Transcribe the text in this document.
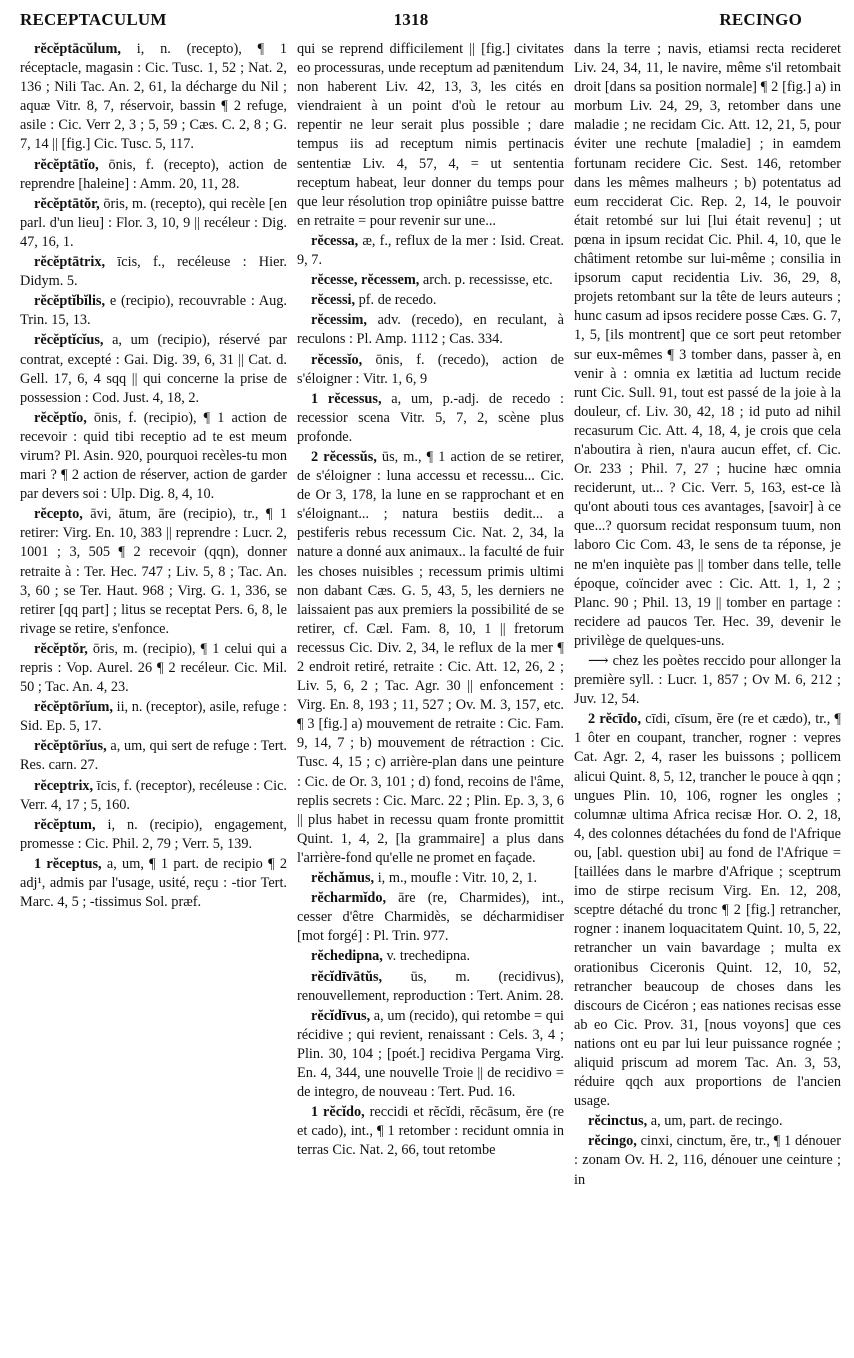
RECEPTACULUM	1318	RECINGO

rĕcĕptācŭlum, i, n. (recepto), ¶ 1 réceptacle, magasin : Cic. Tusc. 1, 52 ; Nat. 2, 136 ; Nili Tac. An. 2, 61, la décharge du Nil ; aquæ Vitr. 8, 7, réservoir, bassin ¶ 2 refuge, asile : Cic. Verr 2, 3 ; 5, 59 ; Cæs. C. 2, 8 ; G. 7, 14 || [fig.] Cic. Tusc. 5, 117.

rĕcĕptātĭo, ōnis, f. (recepto), action de reprendre [haleine] : Amm. 20, 11, 28.

rĕcĕptātŏr, ōris, m. (recepto), qui recèle [en parl. d'un lieu] : Flor. 3, 10, 9 || recéleur : Dig. 47, 16, 1.

rĕcĕptātrix, īcis, f., recéleuse : Hier. Didym. 5.

rĕcĕptĭbĭlis, e (recipio), recouvrable : Aug. Trin. 15, 13.

rĕcĕptĭcĭus, a, um (recipio), réservé par contrat, excepté : Gai. Dig. 39, 6, 31 || Cat. d. Gell. 17, 6, 4 sqq || qui concerne la prise de possession : Cod. Just. 4, 18, 2.

rĕcĕptĭo, ōnis, f. (recipio), ¶ 1 action de recevoir : quid tibi receptio ad te est meum virum? Pl. Asin. 920, pourquoi recèles-tu mon mari ? ¶ 2 action de réserver, action de garder par devers soi : Ulp. Dig. 8, 4, 10.

rĕcepto, āvi, ātum, āre (recipio), tr., ¶ 1 retirer: Virg. En. 10, 383 || reprendre : Lucr. 2, 1001 ; 3, 505 ¶ 2 recevoir (qqn), donner retraite à : Ter. Hec. 747 ; Liv. 5, 8 ; Tac. An. 3, 60 ; se Ter. Haut. 968 ; Virg. G. 1, 336, se retirer [qq part] ; litus se receptat Pers. 6, 8, le rivage se retire, s'enfonce.

rĕcĕptŏr, ōris, m. (recipio), ¶ 1 celui qui a repris : Vop. Aurel. 26 ¶ 2 recéleur. Cic. Mil. 50 ; Tac. An. 4, 23.

rĕcĕptōrĭum, ii, n. (receptor), asile, refuge : Sid. Ep. 5, 17.

rĕcĕptōrĭus, a, um, qui sert de refuge : Tert. Res. carn. 27.

rĕceptrix, īcis, f. (receptor), recéleuse : Cic. Verr. 4, 17 ; 5, 160.

rĕcĕptum, i, n. (recipio), engagement, promesse : Cic. Phil. 2, 79 ; Verr. 5, 139.

1 rĕceptus, a, um, ¶ 1 part. de recipio ¶ 2 adj¹, admis par l'usage, usité, reçu : -tior Tert. Marc. 4, 5 ; -tissimus Sol. præf.

qui se reprend difficilement || [fig.] civitates eo processuras, unde receptum ad pænitendum non haberent Liv. 42, 13, 3, les cités en viendraient à un point d'où le retour au repentir ne leur serait plus possible ; dare tempus iis ad receptum nimis pertinacis sententiæ Liv. 4, 57, 4, = ut sententia receptum habeat, leur donner du temps pour que leur résolution trop opiniâtre puisse battre en retraite = pour revenir sur une...

rĕcessa, æ, f., reflux de la mer : Isid. Creat. 9, 7.

rĕcesse, rĕcessem, arch. p. recessisse, etc.

rĕcessi, pf. de recedo.

rĕcessim, adv. (recedo), en reculant, à reculons : Pl. Amp. 1112 ; Cas. 334.

rĕcessĭo, ōnis, f. (recedo), action de s'éloigner : Vitr. 1, 6, 9

1 rĕcessus, a, um, p.-adj. de recedo : recessior scena Vitr. 5, 7, 2, scène plus profonde.

2 rĕcessŭs, ūs, m., ¶ 1 action de se retirer, de s'éloigner : luna accessu et recessu... Cic. de Or 3, 178, la lune en se rapprochant et en s'éloignant... ; natura bestiis dedit... a pestiferis rebus recessum Cic. Nat. 2, 34, la nature a donné aux animaux.. la faculté de fuir les choses nuisibles ; recessum primis ultimi non dabant Cæs. G. 5, 43, 5, les derniers ne laissaient pas aux premiers la possibilité de se retirer, cf. Cæl. Fam. 8, 10, 1 || fretorum recessus Cic. Div. 2, 34, le reflux de la mer ¶ 2 endroit retiré, retraite : Cic. Att. 12, 26, 2 ; Liv. 5, 6, 2 ; Tac. Agr. 30 || enfoncement : Virg. En. 8, 193 ; 11, 527 ; Ov. M. 3, 157, etc. ¶ 3 [fig.] a) mouvement de retraite : Cic. Fam. 9, 14, 7 ; b) mouvement de rétraction : Cic. Tusc. 4, 15 ; c) arrière-plan dans une peinture : Cic. de Or. 3, 101 ; d) fond, recoins de l'âme, replis secrets : Cic. Marc. 22 ; Plin. Ep. 3, 3, 6 || plus habet in recessu quam fronte promittit Quint. 1, 4, 2, [la grammaire] a plus dans l'arrière-fond qu'elle ne promet en façade.

rĕchămus, i, m., moufle : Vitr. 10, 2, 1.

rĕcharmĭdo, āre (re, Charmides), int., cesser d'être Charmidès, se décharmidiser [mot forgé] : Pl. Trin. 977.

rĕchedipna, v. trechedipna.

rĕcĭdīvātŭs, ūs, m. (recidivus), renouvellement, reproduction : Tert. Anim. 28.

rĕcĭdīvus, a, um (recido), qui retombe = qui récidive ; qui revient, renaissant : Cels. 3, 4 ; Plin. 30, 104 ; [poét.] recidiva Pergama Virg. En. 4, 344, une nouvelle Troie || de recidivo = de integro, de nouveau : Tert. Pud. 16.

1 rĕcĭdo, reccidi et rĕcĭdi, rĕcāsum, ĕre (re et cado), int., ¶ 1 retomber : recidunt omnia in terras Cic. Nat. 2, 66, tout retombe

dans la terre ; navis, etiamsi recta recideret Liv. 24, 34, 11, le navire, même s'il retombait droit [dans sa position normale] ¶ 2 [fig.] a) in morbum Liv. 24, 29, 3, retomber dans une maladie ; ne recidam Cic. Att. 12, 21, 5, pour éviter une rechute [maladie] ; in eamdem fortunam recidere Cic. Sest. 146, retomber dans les mêmes malheurs ; b) potentatus ad eum recciderat Cic. Rep. 2, 14, le pouvoir était retombé sur lui [lui était revenu] ; ut pœna in ipsum recidat Cic. Phil. 4, 10, que le châtiment retombe sur lui-même ; consilia in ipsorum caput recidentia Liv. 36, 29, 8, projets retombant sur la tête de leurs auteurs ; hunc casum ad ipsos recidere posse Cæs. G. 7, 1, 5, [ils montrent] que ce sort peut retomber sur eux-mêmes ¶ 3 tomber dans, passer à, en venir à : omnia ex lætitia ad luctum recide runt Cic. Sull. 91, tout est passé de la joie à la douleur, cf. Liv. 30, 42, 18 ; id puto ad nihil recasurum Cic. Att. 4, 18, 4, je crois que cela n'aboutira à rien, n'aura aucun effet, cf. Cic. Or. 233 ; Phil. 7, 27 ; hucine hæc omnia reciderunt, ut... ? Cic. Verr. 5, 163, est-ce là qu'ont abouti tous ces avantages, [savoir] à ce que...? quorsum recidat responsum tuum, non laboro Cic Com. 43, le sens de ta réponse, je ne m'en inquiète pas || tomber dans telle, telle époque, coïncider avec : Cic. Att. 1, 1, 2 ; Planc. 90 ; Phil. 13, 19 || tomber en partage : recidere ad paucos Ter. Hec. 39, devenir le privilège de quelques-uns.

⟶ chez les poètes reccido pour allonger la première syll. : Lucr. 1, 857 ; Ov M. 6, 212 ; Juv. 12, 54.

2 rĕcīdo, cīdi, cīsum, ĕre (re et cædo), tr., ¶ 1 ôter en coupant, trancher, rogner : vepres Cat. Agr. 2, 4, raser les buissons ; pollicem alicui Quint. 8, 5, 12, trancher le pouce à qqn ; ungues Plin. 10, 106, rogner les ongles ; columnæ ultima Africa recisæ Hor. O. 2, 18, 4, des colonnes détachées du fond de l'Afrique ou, [abl. question ubi] au fond de l'Afrique = [taillées dans le marbre d'Afrique ; sceptrum imo de stirpe recisum Virg. En. 12, 208, sceptre détaché du tronc ¶ 2 [fig.] retrancher, rogner : inanem loquacitatem Quint. 10, 5, 22, retrancher un vain bavardage ; multa ex orationibus Ciceronis Quint. 12, 10, 52, retrancher beaucoup de choses dans les discours de Cicéron ; eas nationes recisas esse ab eo Cic. Prov. 31, [nous voyons] que ces nations ont eu par lui leur puissance rognée ; aliquid priscum ad morem Tac. An. 3, 53, réduire qqch aux proportions de l'ancien usage.

rĕcinctus, a, um, part. de recingo.

rĕcingo, cinxi, cinctum, ĕre, tr., ¶ 1 dénouer : zonam Ov. H. 2, 116, dénouer une ceinture ; in
